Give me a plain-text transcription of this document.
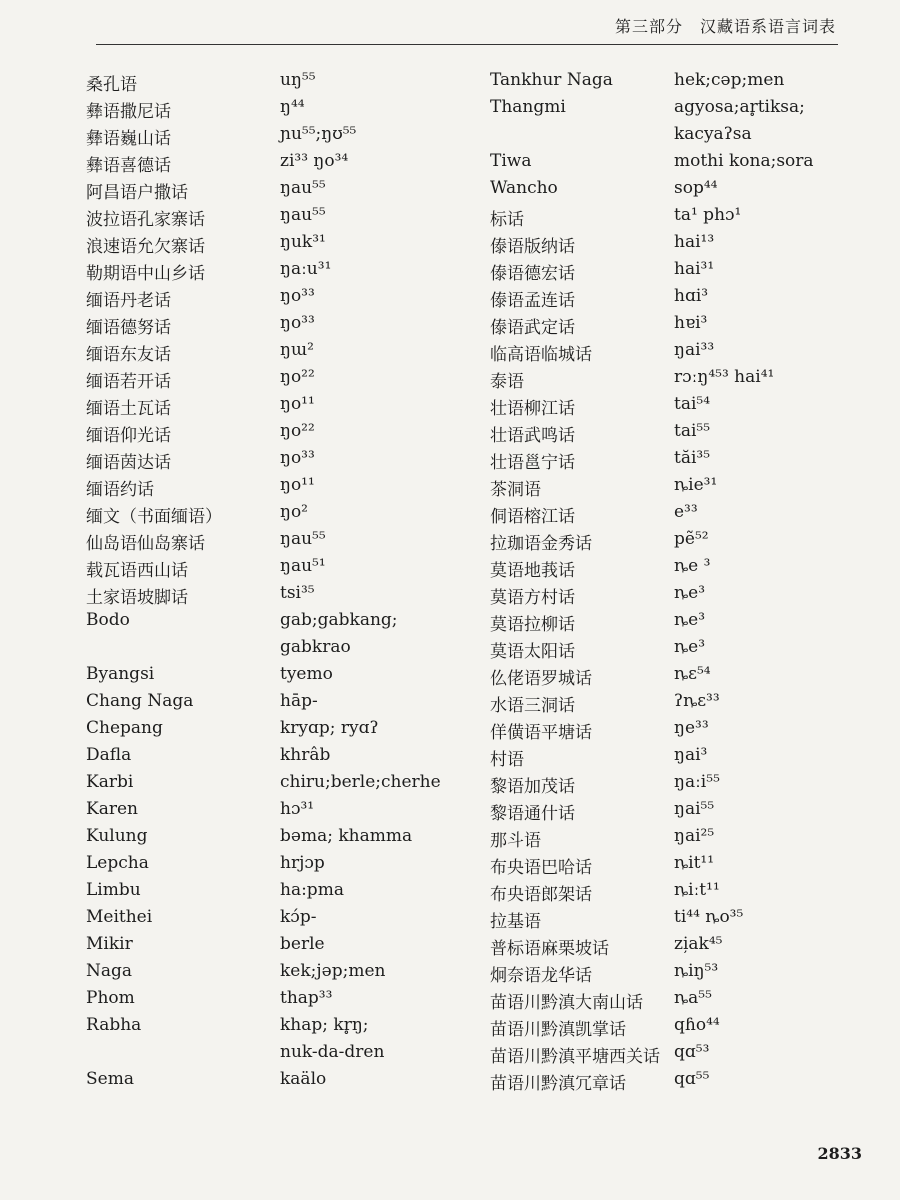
第三部分　汉藏语系语言词表
桑孔语	uŋ⁵⁵
彝语撒尼话	ŋ⁴⁴
彝语巍山话	ɲu⁵⁵;ŋʊ⁵⁵
彝语喜德话	zi³³ ŋo³⁴
阿昌语户撒话	ŋau⁵⁵
波拉语孔家寨话	ŋau⁵⁵
浪速语允欠寨话	ŋuk³¹
勒期语中山乡话	ŋaːu³¹
缅语丹老话	ŋo³³
缅语德努话	ŋo³³
缅语东友话	ŋɯ²
缅语若开话	ŋo²²
缅语土瓦话	ŋo¹¹
缅语仰光话	ŋo²²
缅语茵达话	ŋo³³
缅语约话	ŋo¹¹
缅文（书面缅语）	ŋo²
仙岛语仙岛寨话	ŋau⁵⁵
载瓦语西山话	ŋau⁵¹
土家语坡脚话	tsi³⁵
Bodo	gab;gabkang;
gabkrao
Byangsi	tyemo
Chang Naga	hāp-
Chepang	kryɑp; ryɑʔ
Dafla	khrâb
Karbi	chiru;berle;cherhe
Karen	hɔ³¹
Kulung	bəma; khamma
Lepcha	hrjɔp
Limbu	ha:pma
Meithei	kɔ́p-
Mikir	berle
Naga	kek;jəp;men
Phom	thap³³
Rabha	khap; kr̥ŋ;
nuk-da-dren
Sema	kaälo
Tankhur Naga	hek;cəp;men
Thangmi	agyosa;ar̥tiksa;
kacyaʔsa
Tiwa	mothi kona;sora
Wancho	sop⁴⁴
标话	ta¹ phɔ¹
傣语版纳话	hai¹³
傣语德宏话	hai³¹
傣语孟连话	hɑi³
傣语武定话	hɐi³
临高语临城话	ŋai³³
泰语	rɔːŋ⁴⁵³ hai⁴¹
壮语柳江话	tai⁵⁴
壮语武鸣话	tai⁵⁵
壮语邕宁话	tăi³⁵
茶洞语	ȵie³¹
侗语榕江话	e³³
拉珈语金秀话	pẽ⁵²
莫语地莪话	ȵe ³
莫语方村话	ȵe³
莫语拉柳话	ȵe³
莫语太阳话	ȵe³
仫佬语罗城话	ȵɛ⁵⁴
水语三洞话	ʔȵɛ³³
佯僙语平塘话	ŋe³³
村语	ŋai³
黎语加茂话	ŋaːi⁵⁵
黎语通什话	ŋai⁵⁵
那斗语	ŋai²⁵
布央语巴哈话	ȵit¹¹
布央语郎架话	ȵiːt¹¹
拉基语	ti⁴⁴ ȵo³⁵
普标语麻栗坡话	zi̦ak⁴⁵
炯奈语龙华话	ȵiŋ⁵³
苗语川黔滇大南山话 ȵa⁵⁵
苗语川黔滇凯掌话	qɦo⁴⁴
苗语川黔滇平塘西关话 qɑ⁵³
苗语川黔滇冗章话	qɑ⁵⁵
2833
